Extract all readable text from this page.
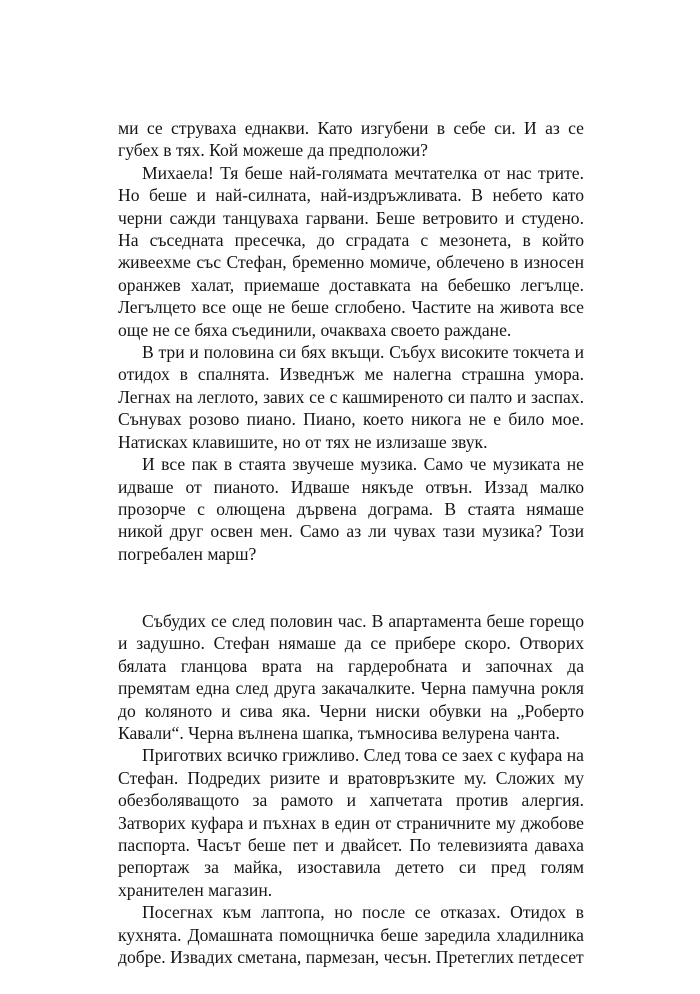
ми се струваха еднакви. Като изгубени в себе си. И аз се губех в тях. Кой можеше да предположи?

Михаела! Тя беше най-голямата мечтателка от нас трите. Но беше и най-силната, най-издръжливата. В небето като черни сажди танцуваха гарвани. Беше ветровито и студено. На съседната пресечка, до сградата с мезонета, в който живеехме със Стефан, бременно момиче, облечено в износен оранжев халат, приемаше доставката на бебешко легълце. Легълцето все още не беше сглобено. Частите на живота все още не се бяха съединили, очакваха своето раждане.

В три и половина си бях вкъщи. Събух високите токчета и отидох в спалнята. Изведнъж ме налегна страшна умора. Легнах на леглото, завих се с кашмиреното си палто и заспах. Сънувах розово пиано. Пиано, което никога не е било мое. Натисках клавишите, но от тях не излизаше звук.

И все пак в стаята звучеше музика. Само че музиката не идваше от пианото. Идваше някъде отвън. Иззад малко прозорче с олющена дървена дограма. В стаята нямаше никой друг освен мен. Само аз ли чувах тази музика? Този погребален марш?

Събудих се след половин час. В апартамента беше горещо и задушно. Стефан нямаше да се прибере скоро. Отворих бялата гланцова врата на гардеробната и започнах да премятам една след друга закачалките. Черна памучна рокля до коляното и сива яка. Черни ниски обувки на „Роберто Кавали“. Черна вълнена шапка, тъмносива велурена чанта.

Приготвих всичко грижливо. След това се заех с куфара на Стефан. Подредих ризите и вратовръзките му. Сложих му обезболяващото за рамото и хапчетата против алергия. Затворих куфара и пъхнах в един от страничните му джобове паспорта. Часът беше пет и двайсет. По телевизията даваха репортаж за майка, изоставила детето си пред голям хранителен магазин.

Посегнах към лаптопа, но после се отказах. Отидох в кухнята. Домашната помощничка беше заредила хладилника добре. Извадих сметана, пармезан, чесън. Претеглих петдесет
